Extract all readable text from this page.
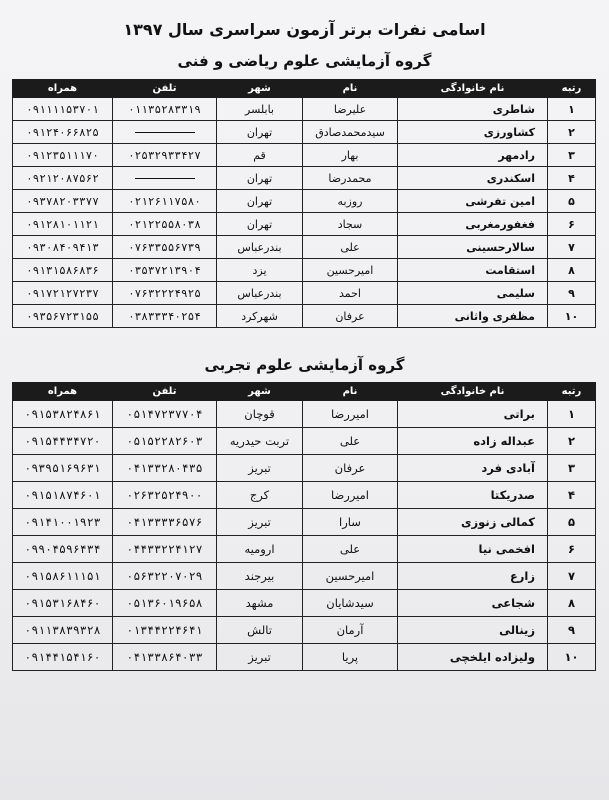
اسامی نفرات برتر آزمون سراسری سال ۱۳۹۷
گروه آزمایشی علوم ریاضی و فنی
رتبه	نام خانوادگی	نام	شهر	تلفن	همراه
۱	شاطری	علیرضا	بابلسر	۰۱۱۳۵۲۸۳۳۱۹	۰۹۱۱۱۱۵۳۷۰۱
۲	کشاورزی	سیدمحمدصادق	تهران		۰۹۱۲۴۰۶۶۸۲۵
۳	رادمهر	بهار	قم	۰۲۵۳۲۹۳۳۴۲۷	۰۹۱۲۳۵۱۱۱۷۰
۴	اسکندری	محمدرضا	تهران		۰۹۲۱۲۰۸۷۵۶۲
۵	امین تفرشی	روزبه	تهران	۰۲۱۲۶۱۱۷۵۸۰	۰۹۳۷۸۲۰۳۳۷۷
۶	فغفورمغربی	سجاد	تهران	۰۲۱۲۲۵۵۸۰۳۸	۰۹۱۲۸۱۰۱۱۲۱
۷	سالارحسینی	علی	بندرعباس	۰۷۶۳۳۵۵۶۷۳۹	۰۹۳۰۸۴۰۹۴۱۳
۸	استقامت	امیرحسین	یزد	۰۳۵۳۷۲۱۳۹۰۴	۰۹۱۳۱۵۸۶۸۳۶
۹	سلیمی	احمد	بندرعباس	۰۷۶۳۲۲۲۴۹۲۵	۰۹۱۷۲۱۲۷۲۳۷
۱۰	مظفری واثانی	عرفان	شهرکرد	۰۳۸۳۳۳۴۰۲۵۴	۰۹۳۵۶۷۲۳۱۵۵
گروه آزمایشی علوم تجربی
رتبه	نام خانوادگی	نام	شهر	تلفن	همراه
۱	براتی	امیررضا	قوچان	۰۵۱۴۷۲۳۷۷۰۴	۰۹۱۵۳۸۲۴۸۶۱
۲	عبداله زاده	علی	تربت حیدریه	۰۵۱۵۲۲۸۲۶۰۳	۰۹۱۵۴۴۳۴۷۲۰
۳	آبادی فرد	عرفان	تبریز	۰۴۱۳۳۲۸۰۴۳۵	۰۹۳۹۵۱۶۹۶۳۱
۴	صدریکتا	امیررضا	کرج	۰۲۶۳۲۵۲۴۹۰۰	۰۹۱۵۱۸۷۴۶۰۱
۵	کمالی زنوزی	سارا	تبریز	۰۴۱۳۳۳۳۶۵۷۶	۰۹۱۴۱۰۰۱۹۲۳
۶	افخمی نیا	علی	ارومیه	۰۴۴۳۳۲۲۴۱۲۷	۰۹۹۰۴۵۹۶۴۳۴
۷	زارع	امیرحسین	بیرجند	۰۵۶۳۲۲۰۷۰۲۹	۰۹۱۵۸۶۱۱۱۵۱
۸	شجاعی	سیدشایان	مشهد	۰۵۱۳۶۰۱۹۶۵۸	۰۹۱۵۳۱۶۸۴۶۰
۹	زینالی	آرمان	تالش	۰۱۳۴۴۲۲۴۶۴۱	۰۹۱۱۳۸۳۹۳۲۸
۱۰	ولیزاده ایلخچی	پریا	تبریز	۰۴۱۳۳۸۶۴۰۳۳	۰۹۱۴۴۱۵۴۱۶۰
